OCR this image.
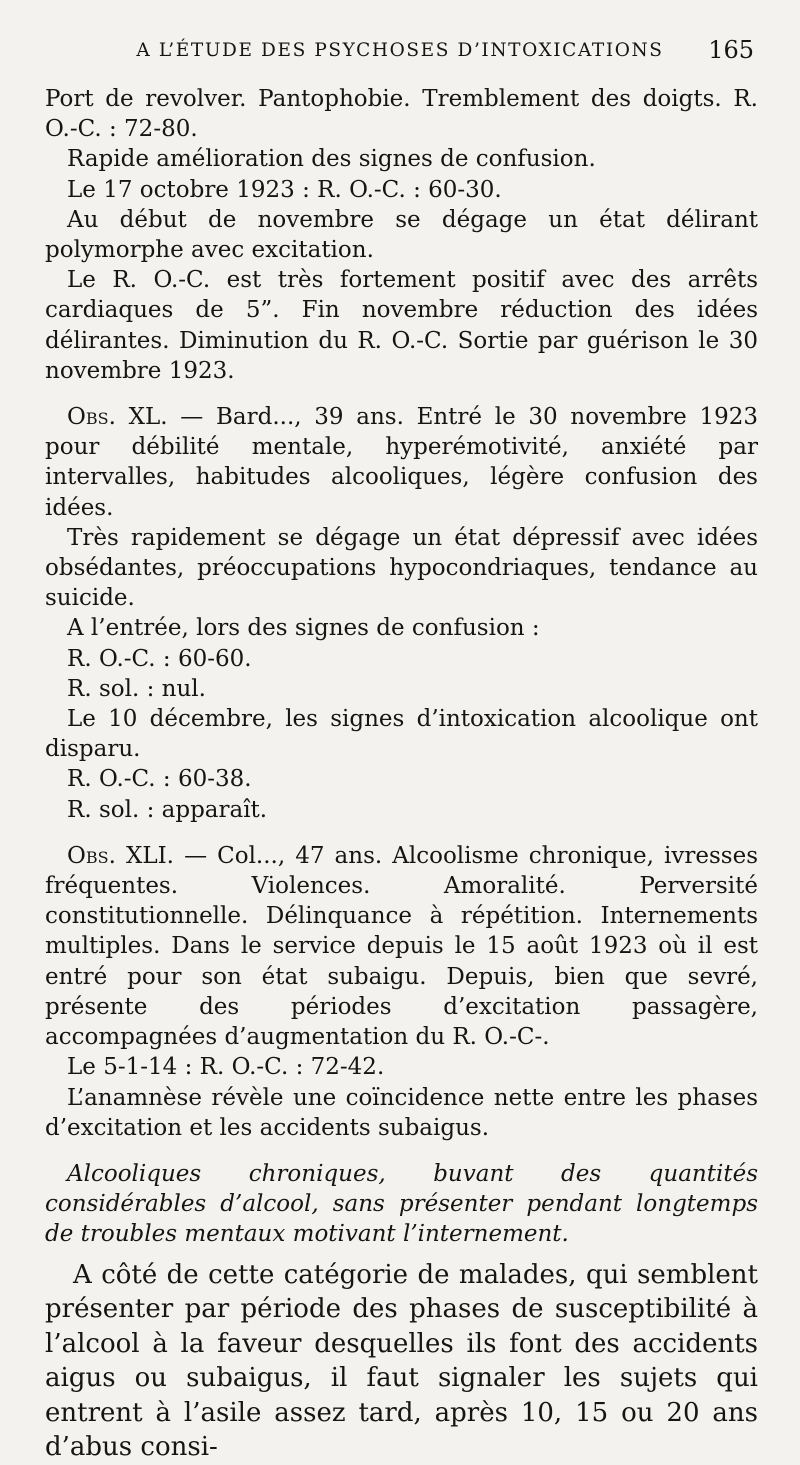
A L’ÉTUDE DES PSYCHOSES D’INTOXICATIONS	165

Port de revolver. Pantophobie. Tremblement des doigts. R. O.-C. : 72-80.

Rapide amélioration des signes de confusion.

Le 17 octobre 1923 : R. O.-C. : 60-30.

Au début de novembre se dégage un état délirant polymorphe avec excitation.

Le R. O.-C. est très fortement positif avec des arrêts cardiaques de 5”. Fin novembre réduction des idées délirantes. Diminution du R. O.-C. Sortie par guérison le 30 novembre 1923.

Obs. XL. — Bard..., 39 ans. Entré le 30 novembre 1923 pour débilité mentale, hyperémotivité, anxiété par intervalles, habitudes alcooliques, légère confusion des idées.

Très rapidement se dégage un état dépressif avec idées obsédantes, préoccupations hypocondriaques, tendance au suicide.

A l’entrée, lors des signes de confusion :

R. O.-C. : 60-60.

R. sol. : nul.

Le 10 décembre, les signes d’intoxication alcoolique ont disparu.

R. O.-C. : 60-38.

R. sol. : apparaît.

Obs. XLI. — Col..., 47 ans. Alcoolisme chronique, ivresses fréquentes. Violences. Amoralité. Perversité constitutionnelle. Délinquance à répétition. Internements multiples. Dans le service depuis le 15 août 1923 où il est entré pour son état subaigu. Depuis, bien que sevré, présente des périodes d’excitation passagère, accompagnées d’augmentation du R. O.-C-.

Le 5-1-14 : R. O.-C. : 72-42.

L’anamnèse révèle une coïncidence nette entre les phases d’excitation et les accidents subaigus.

Alcooliques chroniques, buvant des quantités considérables d’alcool, sans présenter pendant longtemps de troubles mentaux motivant l’internement.

A côté de cette catégorie de malades, qui semblent présenter par période des phases de susceptibilité à l’alcool à la faveur desquelles ils font des accidents aigus ou subaigus, il faut signaler les sujets qui entrent à l’asile assez tard, après 10, 15 ou 20 ans d’abus consi-
